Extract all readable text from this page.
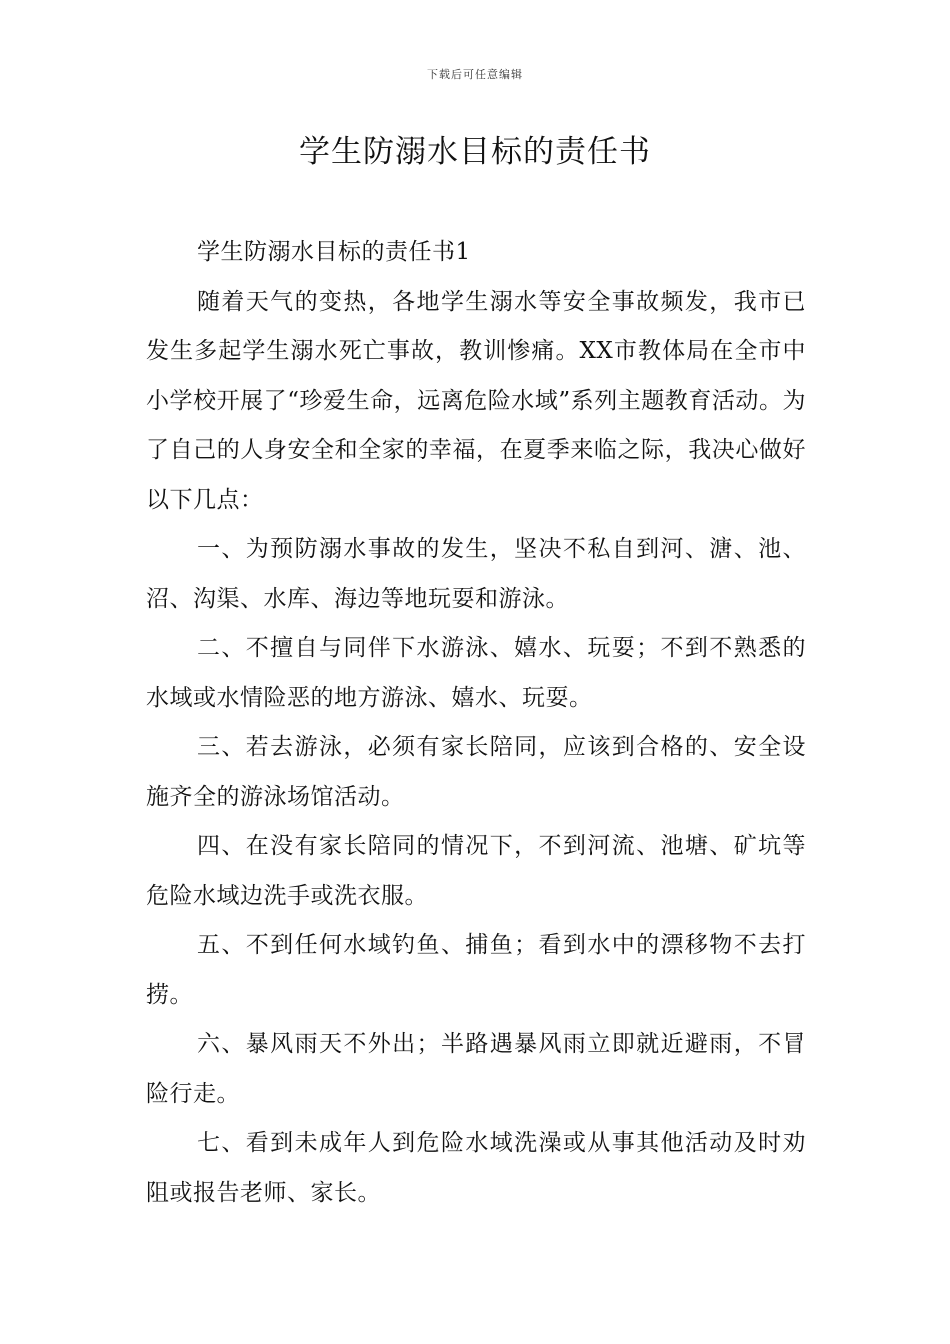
下载后可任意编辑
学生防溺水目标的责任书

学生防溺水目标的责任书1

随着天气的变热，各地学生溺水等安全事故频发，我市已发生多起学生溺水死亡事故，教训惨痛。XX市教体局在全市中小学校开展了“珍爱生命，远离危险水域”系列主题教育活动。为了自己的人身安全和全家的幸福，在夏季来临之际，我决心做好以下几点：

一、为预防溺水事故的发生，坚决不私自到河、溏、池、沼、沟渠、水库、海边等地玩耍和游泳。

二、不擅自与同伴下水游泳、嬉水、玩耍；不到不熟悉的水域或水情险恶的地方游泳、嬉水、玩耍。

三、若去游泳，必须有家长陪同，应该到合格的、安全设施齐全的游泳场馆活动。

四、在没有家长陪同的情况下，不到河流、池塘、矿坑等危险水域边洗手或洗衣服。

五、不到任何水域钓鱼、捕鱼；看到水中的漂移物不去打捞。

六、暴风雨天不外出；半路遇暴风雨立即就近避雨，不冒险行走。

七、看到未成年人到危险水域洗澡或从事其他活动及时劝阻或报告老师、家长。
